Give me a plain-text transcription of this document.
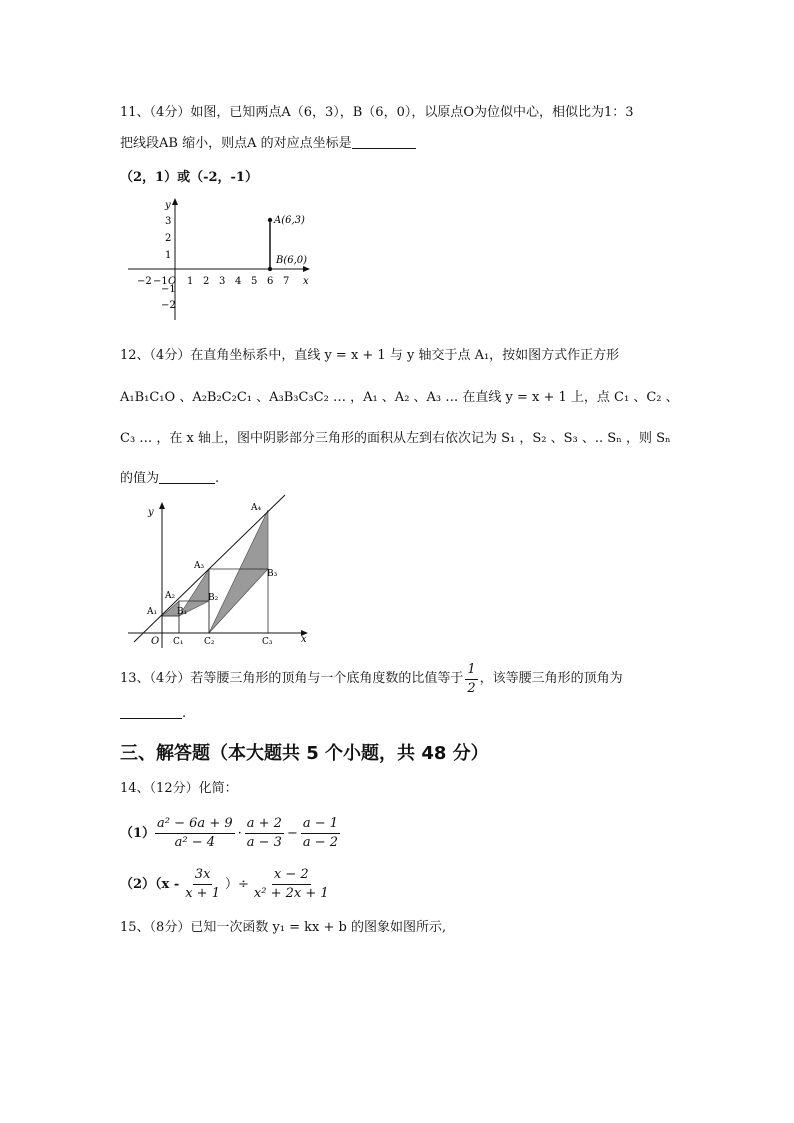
11、（4分）如图，已知两点A（6，3），B（6，0），以原点O为位似中心，相似比为1：3
把线段AB 缩小，则点A 的对应点坐标是
（2，1）或（-2，-1）
y
x
O
−2 −1 1 2 3 4 5 6 7
3
2
1
−1
−2
A(6,3)
B(6,0)
12、（4分）在直角坐标系中，直线 y = x + 1 与 y 轴交于点 A₁，按如图方式作正方形
A₁B₁C₁O 、A₂B₂C₂C₁ 、A₃B₃C₃C₂ … ，A₁ 、A₂ 、A₃ … 在直线 y = x + 1 上，点 C₁ 、C₂ 、
C₃ … ，在 x 轴上，图中阴影部分三角形的面积从左到右依次记为 S₁ ，S₂ 、S₃ 、.. Sₙ ，则 Sₙ
的值为	.
y
x
O
A₁
A₂
A₃
A₄
B₁
B₂
B₃
C₁ C₂	C₃
13、（4分）若等腰三角形的顶角与一个底角度数的比值等于 $\frac{1}{2}$ ，该等腰三角形的顶角为
.
三、解答题（本大题共 5 个小题，共 48 分）
14、（12分）化简：
$(1) \frac{\text{a² − 6a + 9}}{\text{a² − 4}} \cdot \frac{a + 2}{a - 3} - \frac{a - 1}{a - 2}$
$(2)(x - \frac{3x}{x + 1}$ ）÷ $\frac{x - 2}{\text{x² + 2x + 1}}$
15、（8分）已知一次函数 y₁ = kx + b 的图象如图所示,
